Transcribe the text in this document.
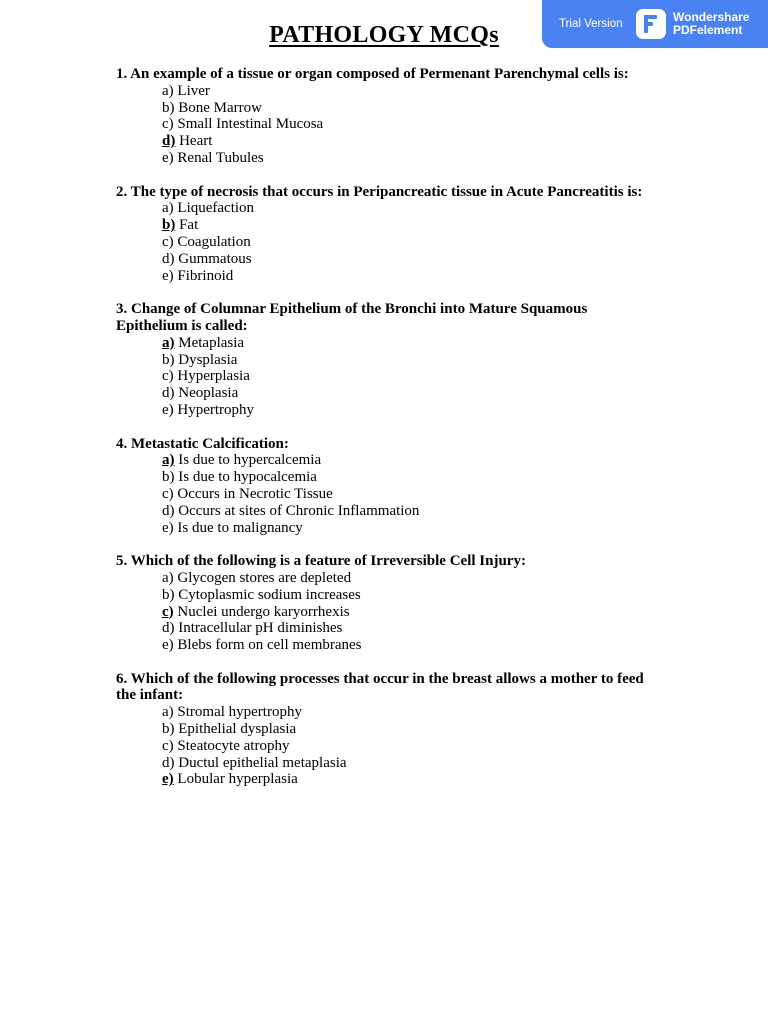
PATHOLOGY MCQs	Trial Version	Wondershare
PDFelement
1. An example of a tissue or organ composed of Permenant Parenchymal cells is:
a) Liver
b) Bone Marrow
c) Small Intestinal Mucosa
d) Heart
e) Renal Tubules
2. The type of necrosis that occurs in Peripancreatic tissue in Acute Pancreatitis is:
a) Liquefaction
b) Fat
c) Coagulation
d) Gummatous
e) Fibrinoid
3. Change of Columnar Epithelium of the Bronchi into Mature Squamous Epithelium is called:
a) Metaplasia
b) Dysplasia
c) Hyperplasia
d) Neoplasia
e) Hypertrophy
4. Metastatic Calcification:
a) Is due to hypercalcemia
b) Is due to hypocalcemia
c) Occurs in Necrotic Tissue
d) Occurs at sites of Chronic Inflammation
e) Is due to malignancy
5. Which of the following is a feature of Irreversible Cell Injury:
a) Glycogen stores are depleted
b) Cytoplasmic sodium increases
c) Nuclei undergo karyorrhexis
d) Intracellular pH diminishes
e) Blebs form on cell membranes
6. Which of the following processes that occur in the breast allows a mother to feed the infant:
a) Stromal hypertrophy
b) Epithelial dysplasia
c) Steatocyte atrophy
d) Ductul epithelial metaplasia
e) Lobular hyperplasia
